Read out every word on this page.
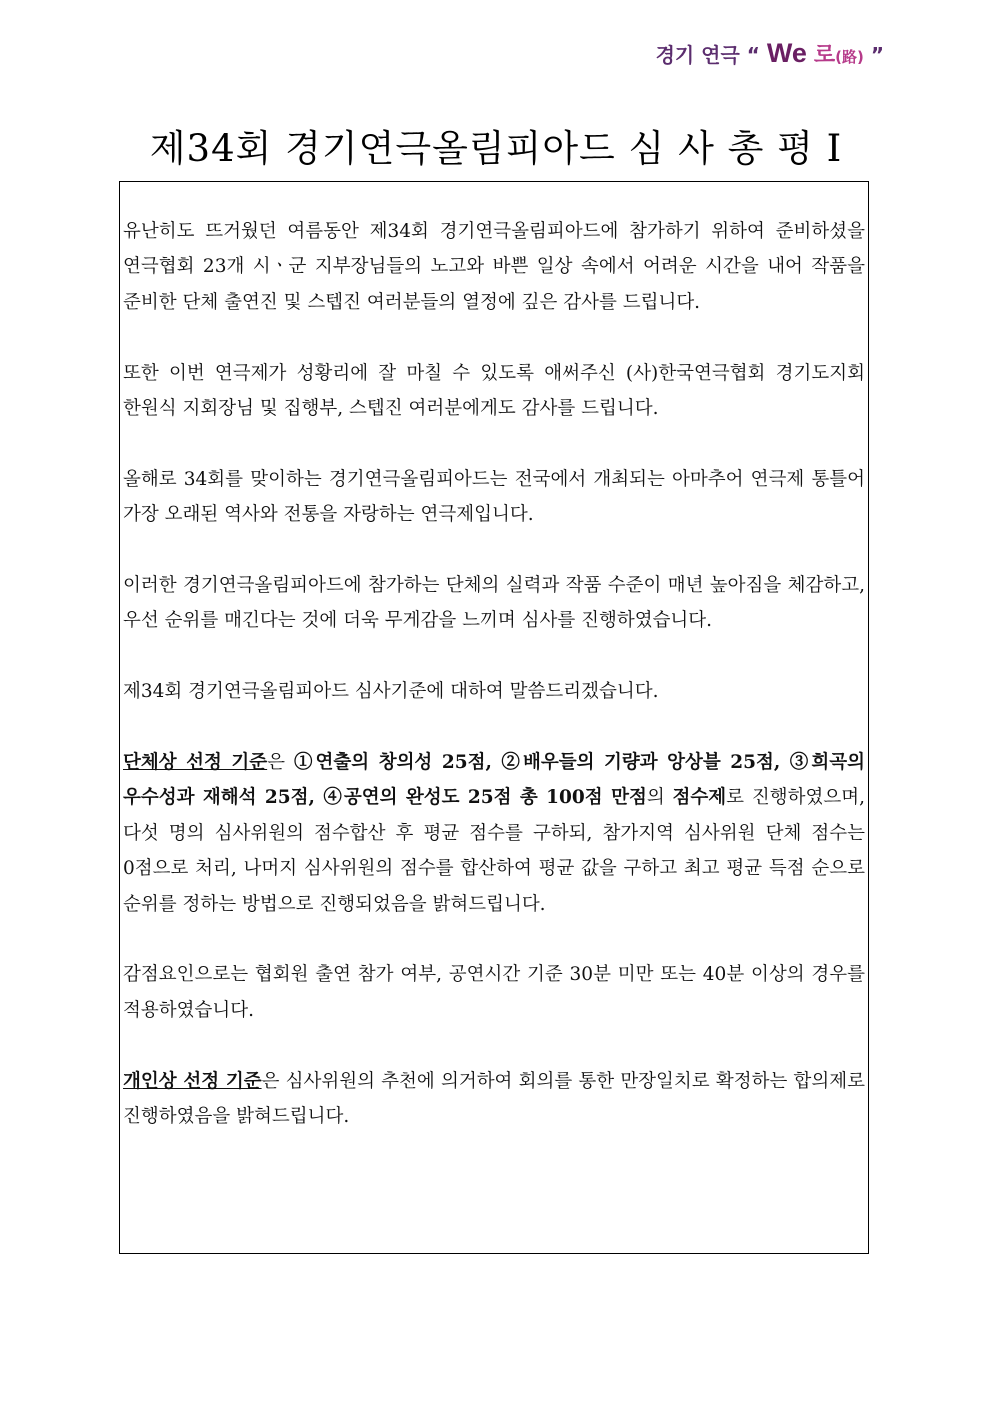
경기 연극 “ We 로(路) ”
제34회 경기연극올림피아드 심 사 총 평 I

유난히도 뜨거웠던 여름동안 제34회 경기연극올림피아드에 참가하기 위하여 준비하셨을 연극협회 23개 시ㆍ군 지부장님들의 노고와 바쁜 일상 속에서 어려운 시간을 내어 작품을 준비한 단체 출연진 및 스텝진 여러분들의 열정에 깊은 감사를 드립니다.

또한 이번 연극제가 성황리에 잘 마칠 수 있도록 애써주신 (사)한국연극협회 경기도지회 한원식 지회장님 및 집행부, 스텝진 여러분에게도 감사를 드립니다.

올해로 34회를 맞이하는 경기연극올림피아드는 전국에서 개최되는 아마추어 연극제 통틀어 가장 오래된 역사와 전통을 자랑하는 연극제입니다.

이러한 경기연극올림피아드에 참가하는 단체의 실력과 작품 수준이 매년 높아짐을 체감하고, 우선 순위를 매긴다는 것에 더욱 무게감을 느끼며 심사를 진행하였습니다.

제34회 경기연극올림피아드 심사기준에 대하여 말씀드리겠습니다.

단체상 선정 기준은 ①연출의 창의성 25점, ②배우들의 기량과 앙상블 25점, ③희곡의 우수성과 재해석 25점, ④공연의 완성도 25점 총 100점 만점의 점수제로 진행하였으며, 다섯 명의 심사위원의 점수합산 후 평균 점수를 구하되, 참가지역 심사위원 단체 점수는 0점으로 처리, 나머지 심사위원의 점수를 합산하여 평균 값을 구하고 최고 평균 득점 순으로 순위를 정하는 방법으로 진행되었음을 밝혀드립니다.

감점요인으로는 협회원 출연 참가 여부, 공연시간 기준 30분 미만 또는 40분 이상의 경우를 적용하였습니다.

개인상 선정 기준은 심사위원의 추천에 의거하여 회의를 통한 만장일치로 확정하는 합의제로 진행하였음을 밝혀드립니다.
